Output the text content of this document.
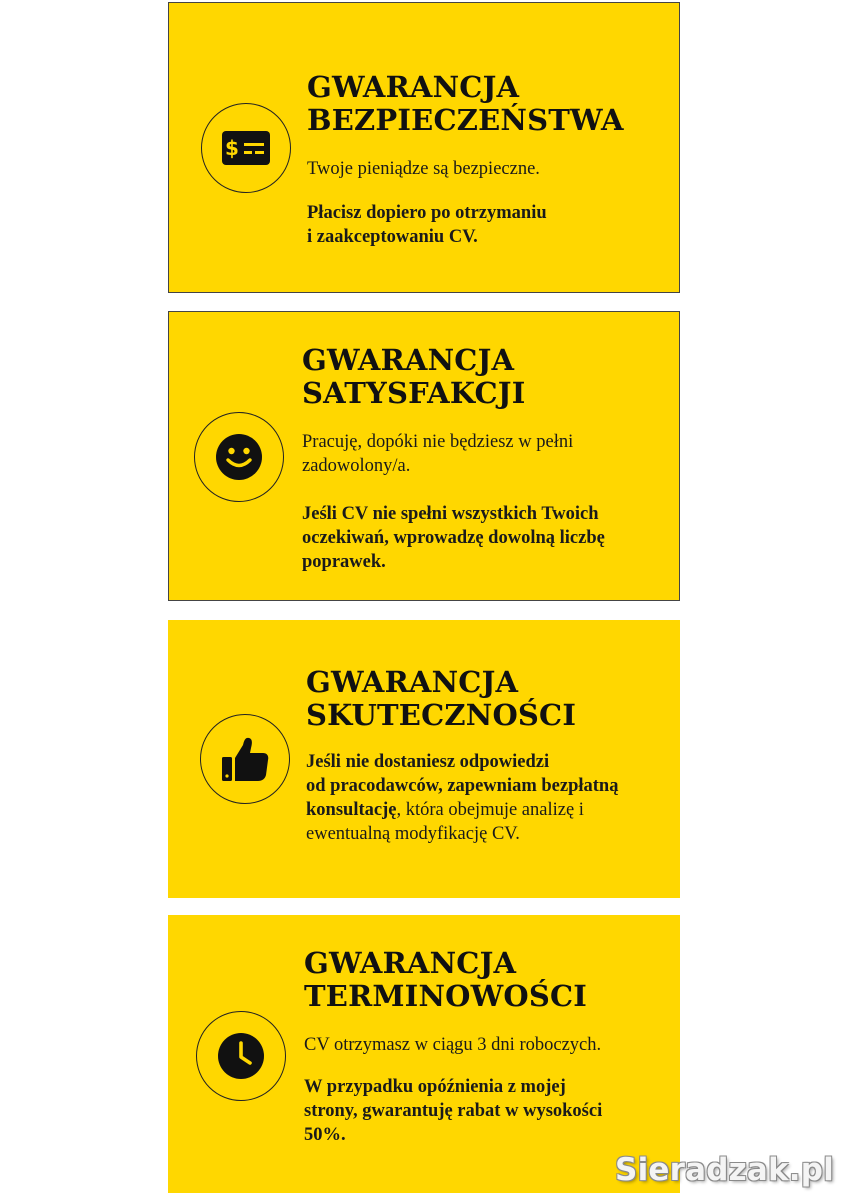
$
GWARANCJA
BEZPIECZEŃSTWA

Twoje pieniądze są bezpieczne.

Płacisz dopiero po otrzymaniu
i zaakceptowaniu CV.

GWARANCJA
SATYSFAKCJI

Pracuję, dopóki nie będziesz w pełni
zadowolony/a.

Jeśli CV nie spełni wszystkich Twoich
oczekiwań, wprowadzę dowolną liczbę
poprawek.

GWARANCJA
SKUTECZNOŚCI

Jeśli nie dostaniesz odpowiedzi
od pracodawców, zapewniam bezpłatną
konsultację, która obejmuje analizę i
ewentualną modyfikację CV.

GWARANCJA
TERMINOWOŚCI

CV otrzymasz w ciągu 3 dni roboczych.

W przypadku opóźnienia z mojej
strony, gwarantuję rabat w wysokości
50%.

Sieradzak.pl
